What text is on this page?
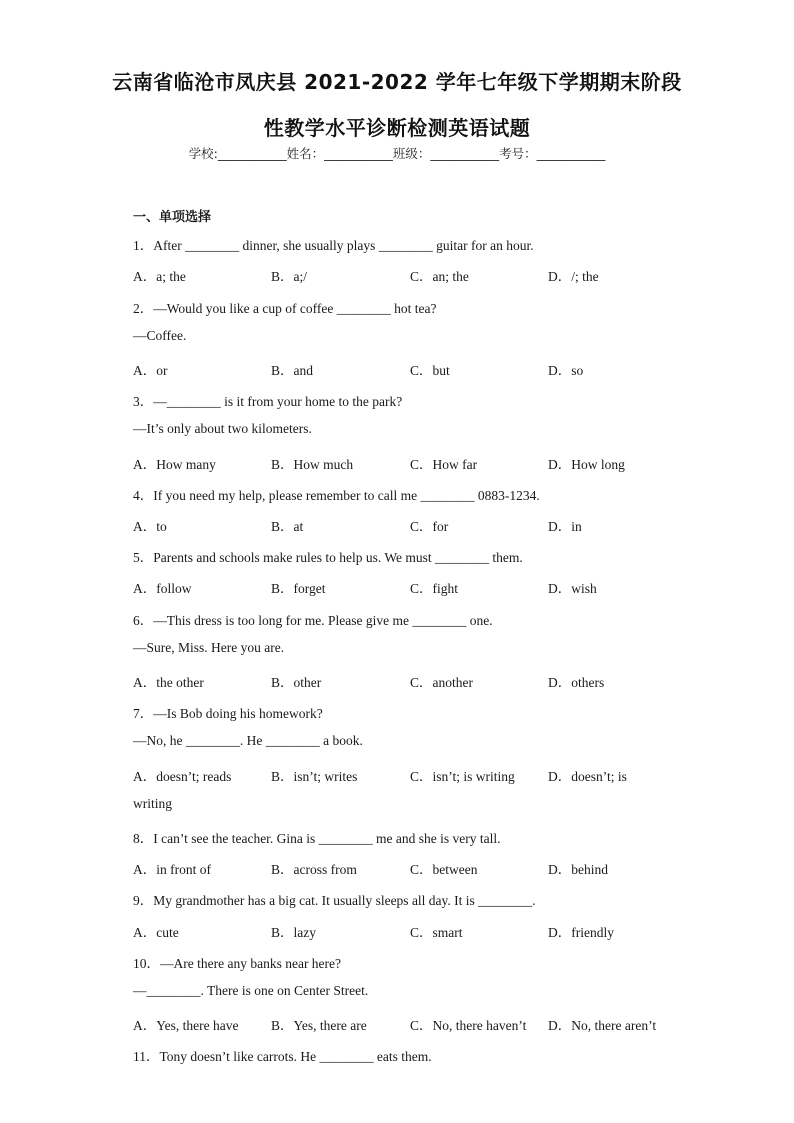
云南省临沧市凤庆县 2021-2022 学年七年级下学期期末阶段
性教学水平诊断检测英语试题
学校:___________姓名：___________班级：___________考号：___________
一、单项选择
1．After ________ dinner, she usually plays ________ guitar for an hour.
A．a; the	B．a;/	C．an; the	D．/; the
2．—Would you like a cup of coffee ________ hot tea?
—Coffee.
A．or	B．and	C．but	D．so
3．—________ is it from your home to the park?
—It’s only about two kilometers.
A．How many	B．How much	C．How far	D．How long
4．If you need my help, please remember to call me ________ 0883-1234.
A．to	B．at	C．for	D．in
5．Parents and schools make rules to help us. We must ________ them.
A．follow	B．forget	C．fight	D．wish
6．—This dress is too long for me. Please give me ________ one.
—Sure, Miss. Here you are.
A．the other	B．other	C．another	D．others
7．—Is Bob doing his homework?
—No, he ________. He ________ a book.
A．doesn’t; reads	B．isn’t; writes	C．isn’t; is writing D．doesn’t; is
writing
8．I can’t see the teacher. Gina is ________ me and she is very tall.
A．in front of	B．across from	C．between	D．behind
9．My grandmother has a big cat. It usually sleeps all day. It is ________.
A．cute	B．lazy	C．smart	D．friendly
10．—Are there any banks near here?
—________. There is one on Center Street.
A．Yes, there have B．Yes, there are	C．No, there haven’t D．No, there aren’t
11．Tony doesn’t like carrots. He ________ eats them.
